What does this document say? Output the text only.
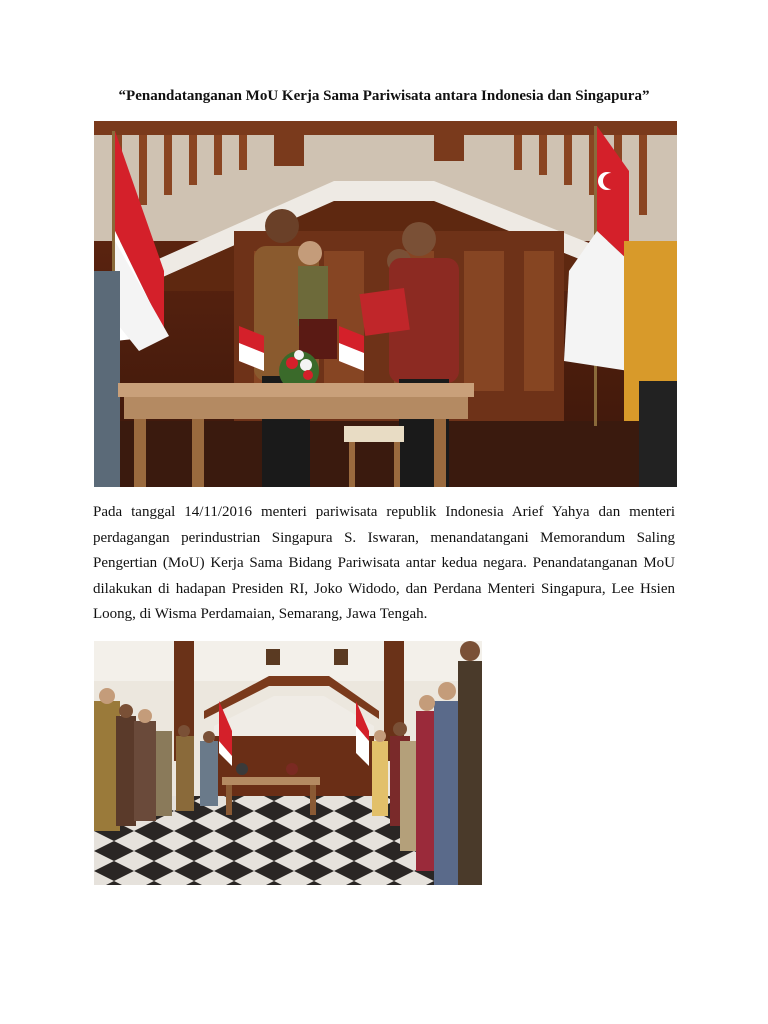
“Penandatanganan MoU Kerja Sama Pariwisata antara Indonesia dan Singapura”

Pada tanggal 14/11/2016 menteri pariwisata republik Indonesia Arief Yahya dan menteri perdagangan perindustrian Singapura S. Iswaran, menandatangani Memorandum Saling Pengertian (MoU) Kerja Sama Bidang Pariwisata antar kedua negara. Penandatanganan MoU dilakukan di hadapan Presiden RI, Joko Widodo, dan Perdana Menteri Singapura, Lee Hsien Loong, di Wisma Perdamaian, Semarang, Jawa Tengah.
